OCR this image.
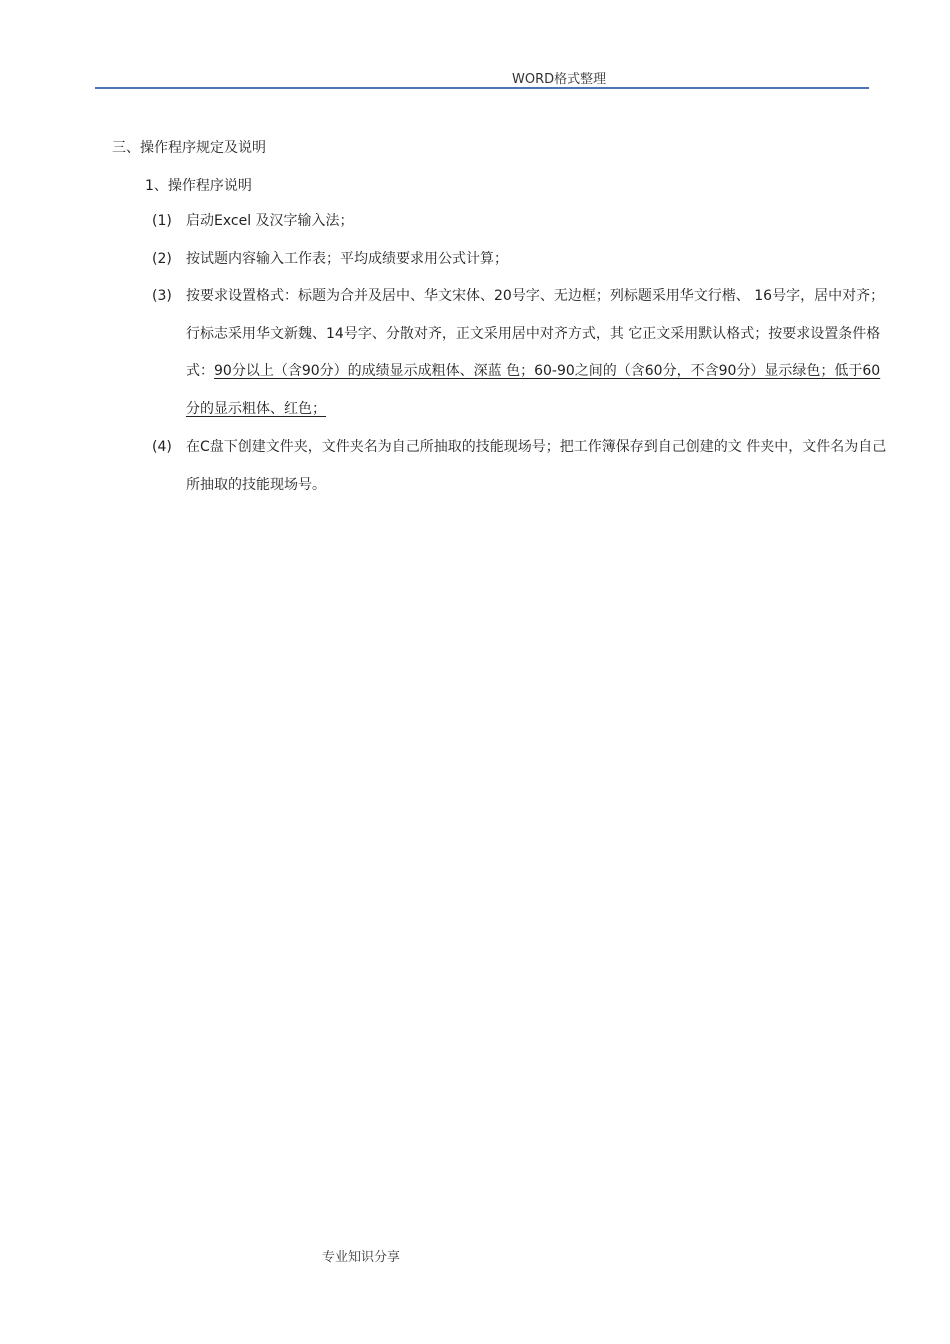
WORD格式整理
三、操作程序规定及说明
1、操作程序说明
(1) 启动Excel 及汉字输入法；
(2) 按试题内容输入工作表；平均成绩要求用公式计算；
(3) 按要求设置格式：标题为合并及居中、华文宋体、20号字、无边框；列标题采用华文行楷、 16号字，居中对齐；行标志采用华文新魏、14号字、分散对齐，正文采用居中对齐方式，其 它正文采用默认格式；按要求设置条件格式：90分以上（含90分）的成绩显示成粗体、深蓝 色；60-90之间的（含60分，不含90分）显示绿色；低于60分的显示粗体、红色；
(4) 在C盘下创建文件夹，文件夹名为自己所抽取的技能现场号；把工作簿保存到自己创建的文 件夹中，文件名为自己所抽取的技能现场号。
专业知识分享
